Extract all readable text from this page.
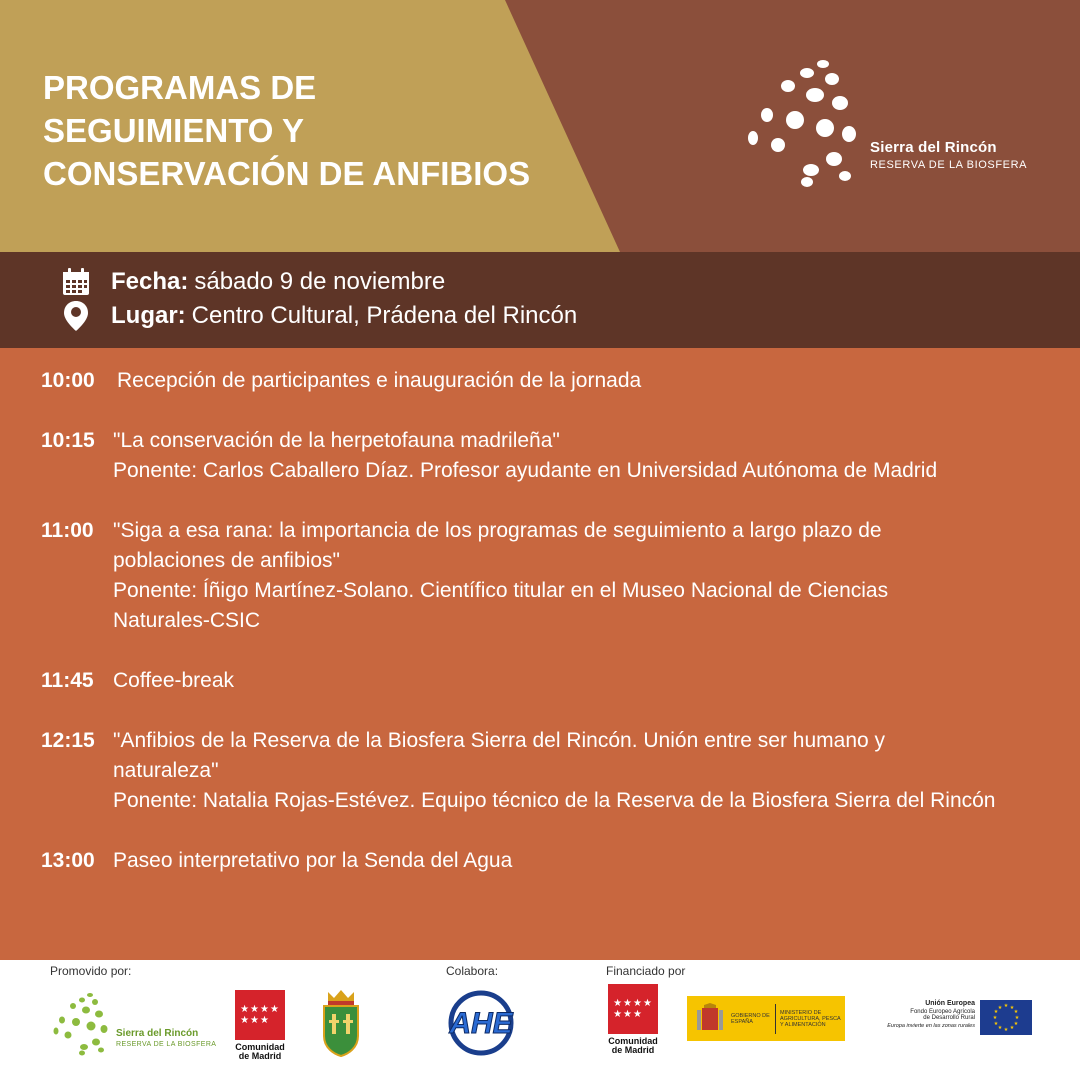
PROGRAMAS DE
SEGUIMIENTO Y
CONSERVACIÓN DE ANFIBIOS
Sierra del Rincón
RESERVA DE LA BIOSFERA
Fecha: sábado 9 de noviembre
Lugar: Centro Cultural, Prádena del Rincón
10:00	Recepción de participantes e inauguración de la jornada
10:15 "La conservación de la herpetofauna madrileña"
Ponente: Carlos Caballero Díaz. Profesor ayudante en Universidad Autónoma de Madrid
11:00 "Siga a esa rana: la importancia de los programas de seguimiento a largo plazo de
poblaciones de anfibios"
Ponente: Íñigo Martínez-Solano. Científico titular en el Museo Nacional de Ciencias
Naturales-CSIC
11:45 Coffee-break
12:15 "Anfibios de la Reserva de la Biosfera Sierra del Rincón. Unión entre ser humano y
naturaleza"
Ponente: Natalia Rojas-Estévez. Equipo técnico de la Reserva de la Biosfera Sierra del Rincón
13:00 Paseo interpretativo por la Senda del Agua
Promovido por:	Colabora:	Financiado por
Sierra del Rincón
RESERVA DE LA BIOSFERA
★★★★
★★★
Comunidad
de Madrid
AHE
★★★★
★★★
Comunidad
de Madrid
GOBIERNO DE ESPAÑA
MINISTERIO DE AGRICULTURA, PESCA Y ALIMENTACIÓN
Unión Europea
Fondo Europeo Agrícola
de Desarrollo Rural
Europa invierte en las zonas rurales
★ ★
★
★
★
★
★
★
★
★
★
★
